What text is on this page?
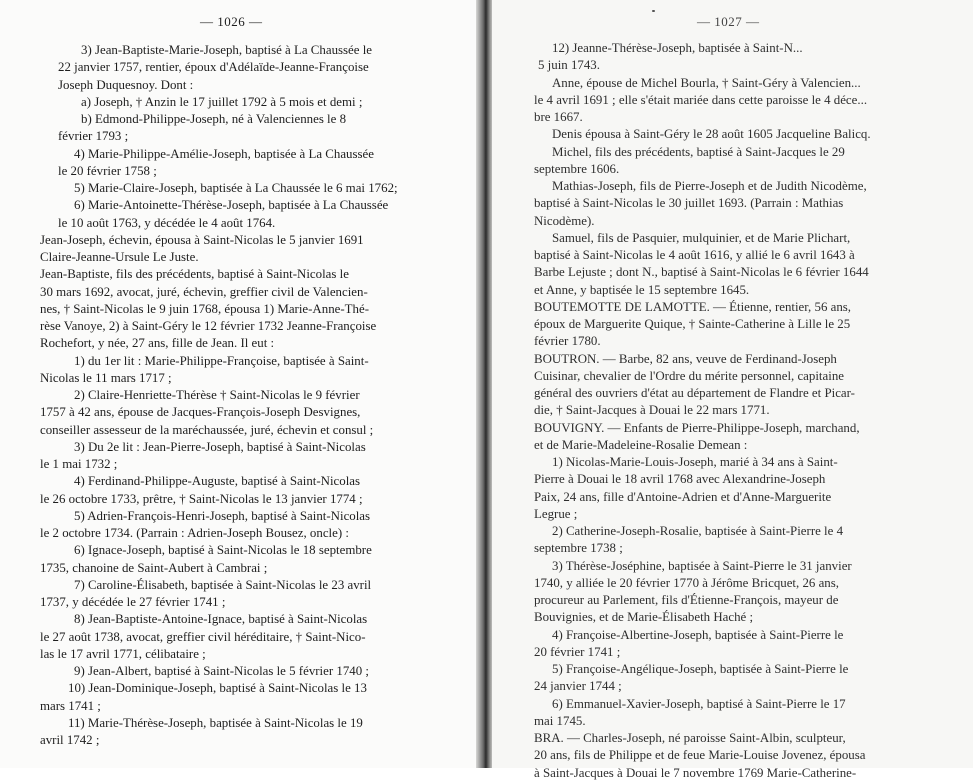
— 1026 —
3) Jean-Baptiste-Marie-Joseph, baptisé à La Chaussée le
22 janvier 1757, rentier, époux d'Adélaïde-Jeanne-Françoise
Joseph Duquesnoy. Dont :
a) Joseph, † Anzin le 17 juillet 1792 à 5 mois et demi ;
b) Edmond-Philippe-Joseph, né à Valenciennes le 8
février 1793 ;
4) Marie-Philippe-Amélie-Joseph, baptisée à La Chaussée
le 20 février 1758 ;
5) Marie-Claire-Joseph, baptisée à La Chaussée le 6 mai 1762;
6) Marie-Antoinette-Thérèse-Joseph, baptisée à La Chaussée
le 10 août 1763, y décédée le 4 août 1764.
Jean-Joseph, échevin, épousa à Saint-Nicolas le 5 janvier 1691
Claire-Jeanne-Ursule Le Juste.
Jean-Baptiste, fils des précédents, baptisé à Saint-Nicolas le
30 mars 1692, avocat, juré, échevin, greffier civil de Valencien-
nes, † Saint-Nicolas le 9 juin 1768, épousa 1) Marie-Anne-Thé-
rèse Vanoye, 2) à Saint-Géry le 12 février 1732 Jeanne-Françoise
Rochefort, y née, 27 ans, fille de Jean. Il eut :
1) du 1er lit : Marie-Philippe-Françoise, baptisée à Saint-
Nicolas le 11 mars 1717 ;
2) Claire-Henriette-Thérèse † Saint-Nicolas le 9 février
1757 à 42 ans, épouse de Jacques-François-Joseph Desvignes,
conseiller assesseur de la maréchaussée, juré, échevin et consul ;
3) Du 2e lit : Jean-Pierre-Joseph, baptisé à Saint-Nicolas
le 1 mai 1732 ;
4) Ferdinand-Philippe-Auguste, baptisé à Saint-Nicolas
le 26 octobre 1733, prêtre, † Saint-Nicolas le 13 janvier 1774 ;
5) Adrien-François-Henri-Joseph, baptisé à Saint-Nicolas
le 2 octobre 1734. (Parrain : Adrien-Joseph Bousez, oncle) :
6) Ignace-Joseph, baptisé à Saint-Nicolas le 18 septembre
1735, chanoine de Saint-Aubert à Cambrai ;
7) Caroline-Élisabeth, baptisée à Saint-Nicolas le 23 avril
1737, y décédée le 27 février 1741 ;
8) Jean-Baptiste-Antoine-Ignace, baptisé à Saint-Nicolas
le 27 août 1738, avocat, greffier civil héréditaire, † Saint-Nico-
las le 17 avril 1771, célibataire ;
9) Jean-Albert, baptisé à Saint-Nicolas le 5 février 1740 ;
10) Jean-Dominique-Joseph, baptisé à Saint-Nicolas le 13
mars 1741 ;
11) Marie-Thérèse-Joseph, baptisée à Saint-Nicolas le 19
avril 1742 ;
— 1027 —
12) Jeanne-Thérèse-Joseph, baptisée à Saint-N...
5 juin 1743.
Anne, épouse de Michel Bourla, † Saint-Géry à Valencien...
le 4 avril 1691 ; elle s'était mariée dans cette paroisse le 4 déce...
bre 1667.
Denis épousa à Saint-Géry le 28 août 1605 Jacqueline Balicq.
Michel, fils des précédents, baptisé à Saint-Jacques le 29
septembre 1606.
Mathias-Joseph, fils de Pierre-Joseph et de Judith Nicodème,
baptisé à Saint-Nicolas le 30 juillet 1693. (Parrain : Mathias
Nicodème).
Samuel, fils de Pasquier, mulquinier, et de Marie Plichart,
baptisé à Saint-Nicolas le 4 août 1616, y allié le 6 avril 1643 à
Barbe Lejuste ; dont N., baptisé à Saint-Nicolas le 6 février 1644
et Anne, y baptisée le 15 septembre 1645.
BOUTEMOTTE DE LAMOTTE. — Étienne, rentier, 56 ans,
époux de Marguerite Quique, † Sainte-Catherine à Lille le 25
février 1780.
BOUTRON. — Barbe, 82 ans, veuve de Ferdinand-Joseph
Cuisinar, chevalier de l'Ordre du mérite personnel, capitaine
général des ouvriers d'état au département de Flandre et Picar-
die, † Saint-Jacques à Douai le 22 mars 1771.
BOUVIGNY. — Enfants de Pierre-Philippe-Joseph, marchand,
et de Marie-Madeleine-Rosalie Demean :
1) Nicolas-Marie-Louis-Joseph, marié à 34 ans à Saint-
Pierre à Douai le 18 avril 1768 avec Alexandrine-Joseph
Paix, 24 ans, fille d'Antoine-Adrien et d'Anne-Marguerite
Legrue ;
2) Catherine-Joseph-Rosalie, baptisée à Saint-Pierre le 4
septembre 1738 ;
3) Thérèse-Joséphine, baptisée à Saint-Pierre le 31 janvier
1740, y alliée le 20 février 1770 à Jérôme Bricquet, 26 ans,
procureur au Parlement, fils d'Étienne-François, mayeur de
Bouvignies, et de Marie-Élisabeth Haché ;
4) Françoise-Albertine-Joseph, baptisée à Saint-Pierre le
20 février 1741 ;
5) Françoise-Angélique-Joseph, baptisée à Saint-Pierre le
24 janvier 1744 ;
6) Emmanuel-Xavier-Joseph, baptisé à Saint-Pierre le 17
mai 1745.
BRA. — Charles-Joseph, né paroisse Saint-Albin, sculpteur,
20 ans, fils de Philippe et de feue Marie-Louise Jovenez, épousa
à Saint-Jacques à Douai le 7 novembre 1769 Marie-Catherine-
